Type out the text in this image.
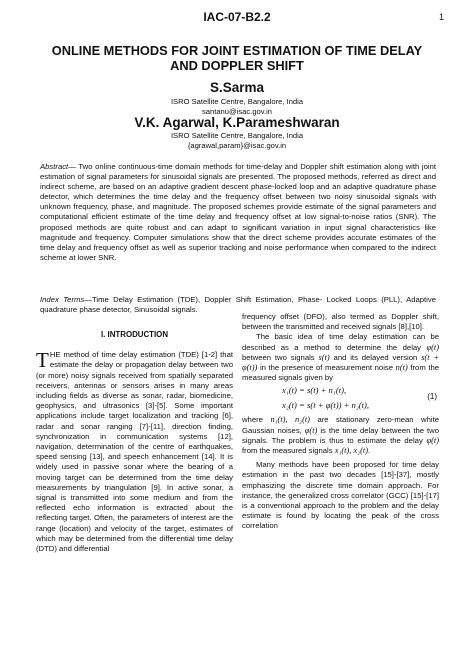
IAC-07-B2.2	1
ONLINE METHODS FOR JOINT ESTIMATION OF TIME DELAY
AND DOPPLER SHIFT
S.Sarma
ISRO Satellite Centre, Bangalore, India
santanu@isac.gov.in
V.K. Agarwal, K.Parameshwaran
ISRO Satellite Centre, Bangalore, India
{agrawal,param}@isac.gov.in
Abstract— Two online continuous-time domain methods for time-delay and Doppler shift estimation along with joint estimation of signal parameters for sinusoidal signals are presented. The proposed methods, referred as direct and indirect scheme, are based on an adaptive gradient descent phase-locked loop and an adaptive quadrature phase detector, which determines the time delay and the frequency offset between two noisy sinusoidal signals with unknown frequency, phase, and magnitude. The proposed schemes provide estimate of the signal parameters and computational efficient estimate of the time delay and frequency offset at low signal-to-noise ratios (SNR). The proposed methods are quite robust and can adapt to significant variation in input signal characteristics like magnitude and frequency. Computer simulations show that the direct scheme provides accurate estimates of the time delay and frequency offset as well as superior tracking and noise performance when compared to the indirect scheme at lower SNR.
Index Terms—Time Delay Estimation (TDE), Doppler Shift Estimation, Phase- Locked Loops (PLL), Adaptive quadrature phase detector, Sinusoidal signals.
I. INTRODUCTION

THE method of time delay estimation (TDE) [1-2] that estimate the delay or propagation delay between two (or more) noisy signals received from spatially separated receivers, antennas or sensors arises in many areas including fields as diverse as sonar, radar, biomedicine, geophysics, and ultrasonics [3]-[5]. Some important applications include target localization and tracking [6], radar and sonar ranging [7]-[11], direction finding, synchronization in communication systems [12], navigation, determination of the centre of earthquakes, speed sensing [13], and speech enhancement [14]. It is widely used in passive sonar where the bearing of a moving target can be determined from the time delay measurements by triangulation [9]. In active sonar, a signal is transmitted into some medium and from the reflected echo information is extracted about the reflecting target. Often, the parameters of interest are the range (location) and velocity of the target, estimates of which may be determined from the differential time delay (DTD) and differential

frequency offset (DFO), also termed as Doppler shift, between the transmitted and received signals [8],[10].

The basic idea of time delay estimation can be described as a method to determine the delay φ(t) between two signals s(t) and its delayed version s(t + φ(t)) in the presence of measurement noise n(t) from the measured signals given by

x₁(t) = s(t) + n₁(t),
x₂(t) = s(t + φ(t)) + n₂(t),
(1)

where n₁(t), n₂(t) are stationary zero-mean white Gaussian noises, φ(t) is the time delay between the two signals. The problem is thus to estimate the delay φ(t) from the measured signals x₁(t), x₂(t).

Many methods have been proposed for time delay estimation in the past two decades [15]-[37], mostly emphasizing the discrete time domain approach. For instance, the generalized cross correlator (GCC) [15]-[17] is a conventional approach to the problem and the delay estimate is found by locating the peak of the cross correlation
